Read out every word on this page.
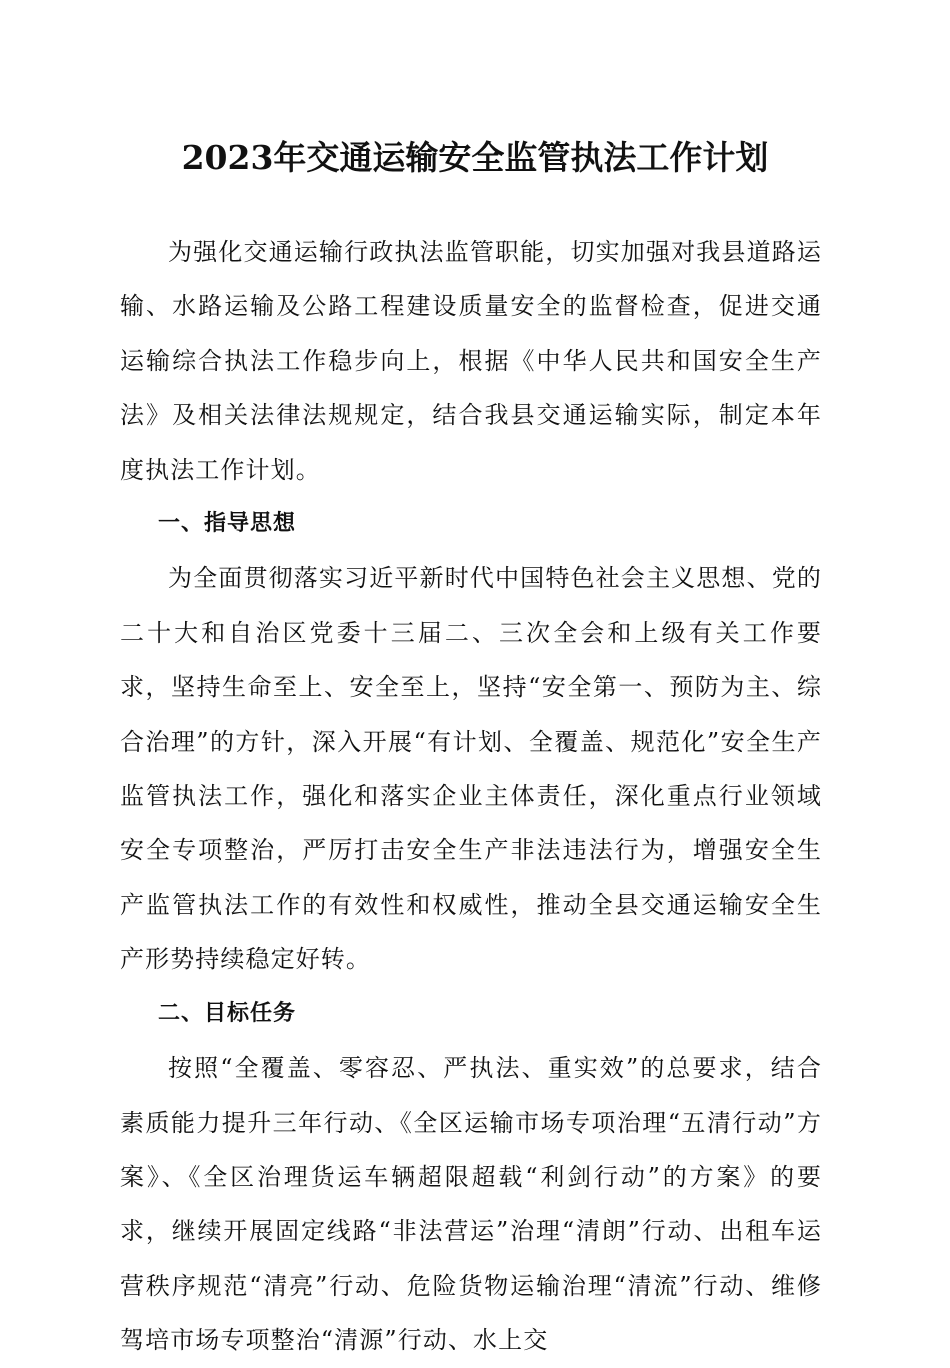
2023年交通运输安全监管执法工作计划

为强化交通运输行政执法监管职能，切实加强对我县道路运输、水路运输及公路工程建设质量安全的监督检查，促进交通运输综合执法工作稳步向上，根据《中华人民共和国安全生产法》及相关法律法规规定，结合我县交通运输实际，制定本年度执法工作计划。

一、指导思想

为全面贯彻落实习近平新时代中国特色社会主义思想、党的二十大和自治区党委十三届二、三次全会和上级有关工作要求，坚持生命至上、安全至上，坚持“安全第一、预防为主、综合治理”的方针，深入开展“有计划、全覆盖、规范化”安全生产监管执法工作，强化和落实企业主体责任，深化重点行业领域安全专项整治，严厉打击安全生产非法违法行为，增强安全生产监管执法工作的有效性和权威性，推动全县交通运输安全生产形势持续稳定好转。

二、目标任务

按照“全覆盖、零容忍、严执法、重实效”的总要求，结合素质能力提升三年行动、《全区运输市场专项治理“五清行动”方案》、《全区治理货运车辆超限超载“利剑行动”的方案》的要求，继续开展固定线路“非法营运”治理“清朗”行动、出租车运营秩序规范“清亮”行动、危险货物运输治理“清流”行动、维修驾培市场专项整治“清源”行动、水上交
